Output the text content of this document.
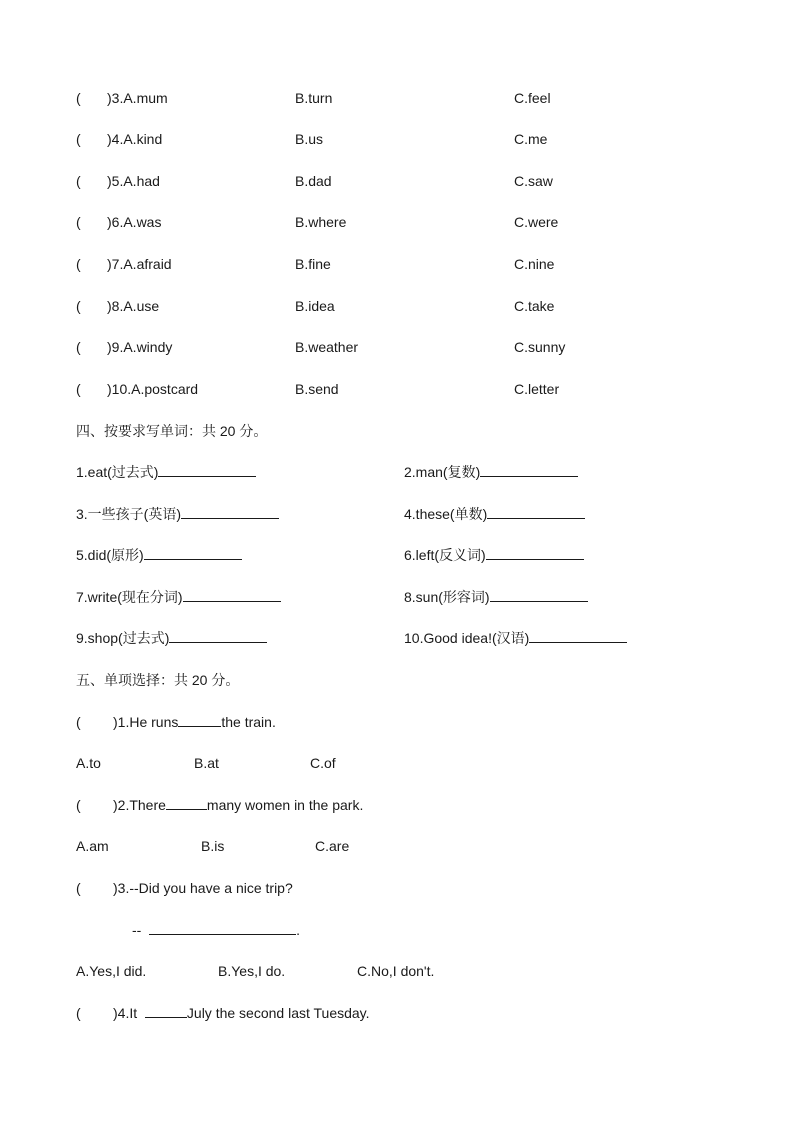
( )3.A.mum	B.turn	C.feel
( )4.A.kind	B.us	C.me
( )5.A.had	B.dad	C.saw
( )6.A.was	B.where	C.were
( )7.A.afraid	B.fine	C.nine
( )8.A.use	B.idea	C.take
( )9.A.windy	B.weather	C.sunny
( )10.A.postcard	B.send	C.letter
四、按要求写单词：共 20 分。
1.eat(过去式)	2.man(复数)
3.一些孩子(英语)	4.these(单数)
5.did(原形)	6.left(反义词)
7.write(现在分词)	8.sun(形容词)
9.shop(过去式)	10.Good idea!(汉语)
五、单项选择：共 20 分。
( )1.He runs	the train.
A.to	B.at	C.of
( )2.There	many women in the park.
A.am	B.is	C.are
( )3.--Did you have a nice trip?
--	.
A.Yes,I did.	B.Yes,I do.	C.No,I don't.
( )4.It	July the second last Tuesday.
